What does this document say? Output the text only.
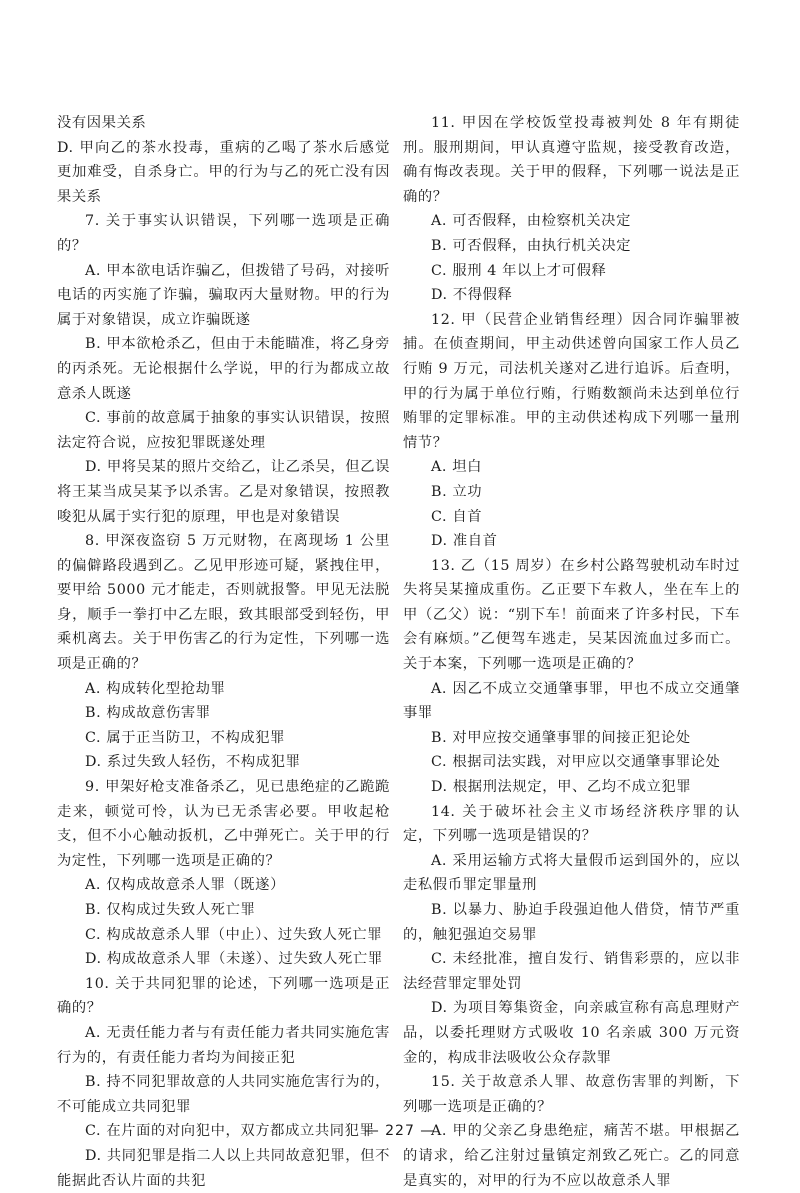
没有因果关系

D. 甲向乙的茶水投毒，重病的乙喝了茶水后感觉更加难受，自杀身亡。甲的行为与乙的死亡没有因果关系

7. 关于事实认识错误，下列哪一选项是正确的？

A. 甲本欲电话诈骗乙，但拨错了号码，对接听电话的丙实施了诈骗，骗取丙大量财物。甲的行为属于对象错误，成立诈骗既遂

B. 甲本欲枪杀乙，但由于未能瞄准，将乙身旁的丙杀死。无论根据什么学说，甲的行为都成立故意杀人既遂

C. 事前的故意属于抽象的事实认识错误，按照法定符合说，应按犯罪既遂处理

D. 甲将吴某的照片交给乙，让乙杀吴，但乙误将王某当成吴某予以杀害。乙是对象错误，按照教唆犯从属于实行犯的原理，甲也是对象错误

8. 甲深夜盗窃 5 万元财物，在离现场 1 公里的偏僻路段遇到乙。乙见甲形迹可疑，紧拽住甲，要甲给 5000 元才能走，否则就报警。甲见无法脱身，顺手一拳打中乙左眼，致其眼部受到轻伤，甲乘机离去。关于甲伤害乙的行为定性，下列哪一选项是正确的？

A. 构成转化型抢劫罪

B. 构成故意伤害罪

C. 属于正当防卫，不构成犯罪

D. 系过失致人轻伤，不构成犯罪

9. 甲架好枪支准备杀乙，见已患绝症的乙跪跪走来，顿觉可怜，认为已无杀害必要。甲收起枪支，但不小心触动扳机，乙中弹死亡。关于甲的行为定性，下列哪一选项是正确的？

A. 仅构成故意杀人罪（既遂）

B. 仅构成过失致人死亡罪

C. 构成故意杀人罪（中止）、过失致人死亡罪

D. 构成故意杀人罪（未遂）、过失致人死亡罪

10. 关于共同犯罪的论述，下列哪一选项是正确的？

A. 无责任能力者与有责任能力者共同实施危害行为的，有责任能力者均为间接正犯

B. 持不同犯罪故意的人共同实施危害行为的，不可能成立共同犯罪

C. 在片面的对向犯中，双方都成立共同犯罪

D. 共同犯罪是指二人以上共同故意犯罪，但不能据此否认片面的共犯

11. 甲因在学校饭堂投毒被判处 8 年有期徒刑。服刑期间，甲认真遵守监规，接受教育改造，确有悔改表现。关于甲的假释，下列哪一说法是正确的？

A. 可否假释，由检察机关决定

B. 可否假释，由执行机关决定

C. 服刑 4 年以上才可假释

D. 不得假释

12. 甲（民营企业销售经理）因合同诈骗罪被捕。在侦查期间，甲主动供述曾向国家工作人员乙行贿 9 万元，司法机关遂对乙进行追诉。后查明，甲的行为属于单位行贿，行贿数额尚未达到单位行贿罪的定罪标准。甲的主动供述构成下列哪一量刑情节？

A. 坦白

B. 立功

C. 自首

D. 准自首

13. 乙（15 周岁）在乡村公路驾驶机动车时过失将吴某撞成重伤。乙正要下车救人，坐在车上的甲（乙父）说：“别下车！前面来了许多村民，下车会有麻烦。”乙便驾车逃走，吴某因流血过多而亡。关于本案，下列哪一选项是正确的？

A. 因乙不成立交通肇事罪，甲也不成立交通肇事罪

B. 对甲应按交通肇事罪的间接正犯论处

C. 根据司法实践，对甲应以交通肇事罪论处

D. 根据刑法规定，甲、乙均不成立犯罪

14. 关于破坏社会主义市场经济秩序罪的认定，下列哪一选项是错误的？

A. 采用运输方式将大量假币运到国外的，应以走私假币罪定罪量刑

B. 以暴力、胁迫手段强迫他人借贷，情节严重的，触犯强迫交易罪

C. 未经批准，擅自发行、销售彩票的，应以非法经营罪定罪处罚

D. 为项目筹集资金，向亲戚宣称有高息理财产品，以委托理财方式吸收 10 名亲戚 300 万元资金的，构成非法吸收公众存款罪

15. 关于故意杀人罪、故意伤害罪的判断，下列哪一选项是正确的？

A. 甲的父亲乙身患绝症，痛苦不堪。甲根据乙的请求，给乙注射过量镇定剂致乙死亡。乙的同意是真实的，对甲的行为不应以故意杀人罪

— 227 —
